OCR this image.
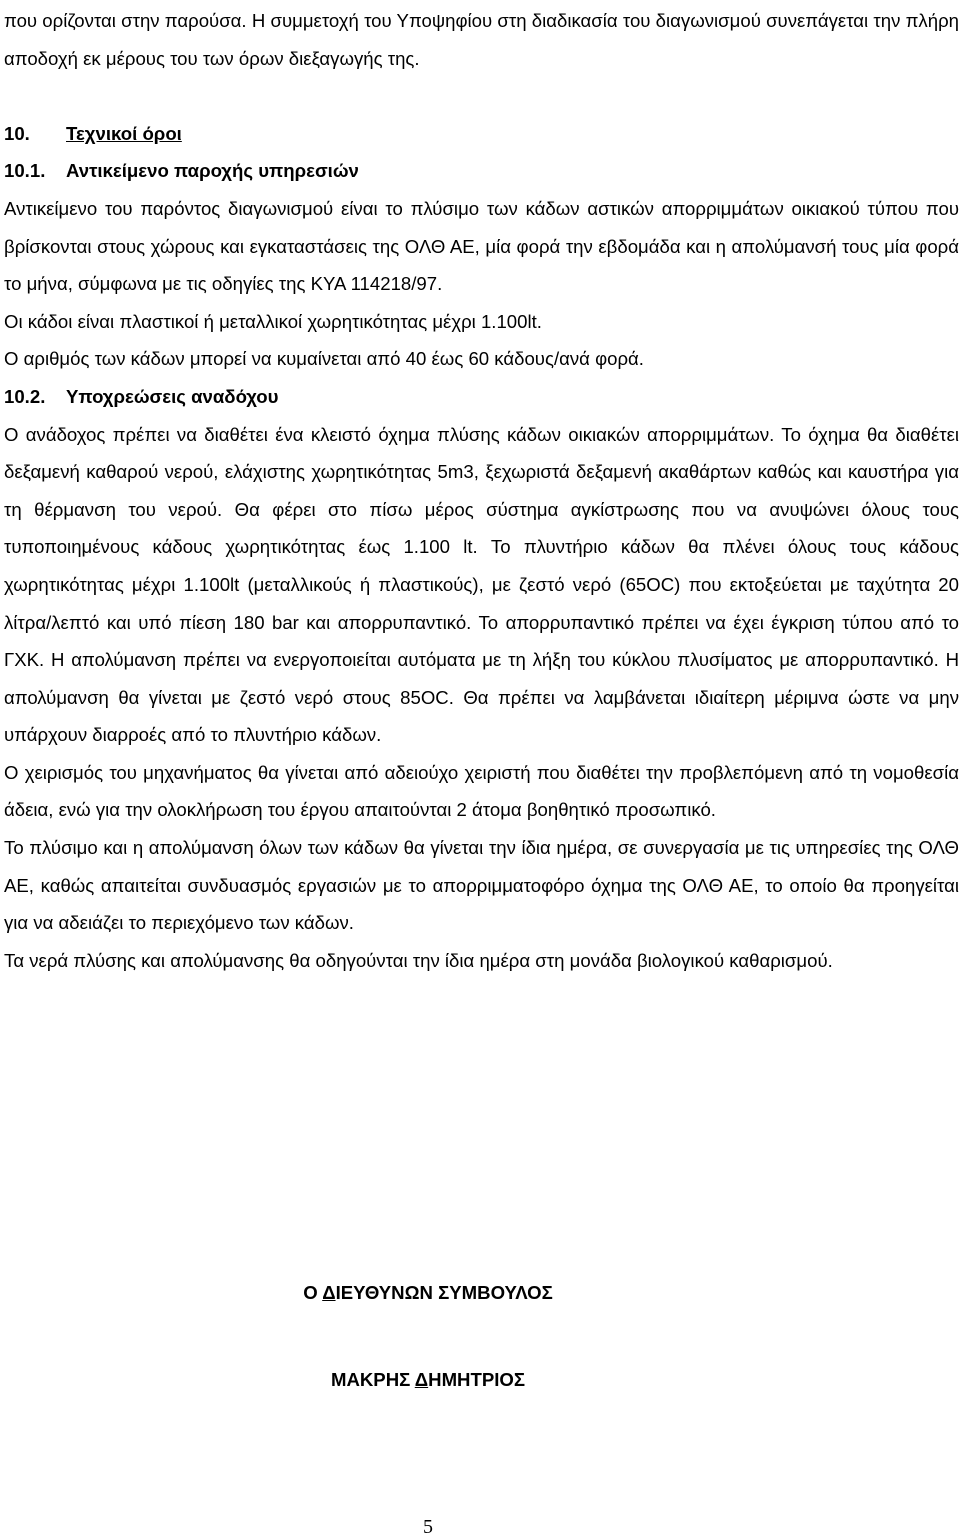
που ορίζονται στην παρούσα. Η συμμετοχή του Υποψηφίου στη διαδικασία του διαγωνισμού συνεπάγεται την πλήρη αποδοχή εκ μέρους του των όρων διεξαγωγής της.

10. Τεχνικοί όροι

10.1. Αντικείμενο παροχής υπηρεσιών

Αντικείμενο του παρόντος διαγωνισμού είναι το πλύσιμο των κάδων αστικών απορριμμάτων οικιακού τύπου που βρίσκονται στους χώρους και εγκαταστάσεις της ΟΛΘ ΑΕ, μία φορά την εβδομάδα και η απολύμανσή τους μία φορά το μήνα, σύμφωνα με τις οδηγίες της ΚΥΑ 114218/97.

Οι κάδοι είναι πλαστικοί ή μεταλλικοί χωρητικότητας μέχρι 1.100lt.

Ο αριθμός των κάδων μπορεί να κυμαίνεται από 40 έως 60 κάδους/ανά φορά.

10.2. Υποχρεώσεις αναδόχου

Ο ανάδοχος πρέπει να διαθέτει ένα κλειστό όχημα πλύσης κάδων οικιακών απορριμμάτων. Το όχημα θα διαθέτει δεξαμενή καθαρού νερού, ελάχιστης χωρητικότητας 5m3, ξεχωριστά δεξαμενή ακαθάρτων καθώς και καυστήρα για τη θέρμανση του νερού. Θα φέρει στο πίσω μέρος σύστημα αγκίστρωσης που να ανυψώνει όλους τους τυποποιημένους κάδους χωρητικότητας έως 1.100 lt. Το πλυντήριο κάδων θα πλένει όλους τους κάδους χωρητικότητας μέχρι 1.100lt (μεταλλικούς ή πλαστικούς), με ζεστό νερό (65OC) που εκτοξεύεται με ταχύτητα 20 λίτρα/λεπτό και υπό πίεση 180 bar και απορρυπαντικό. Το απορρυπαντικό πρέπει να έχει έγκριση τύπου από το ΓΧΚ. Η απολύμανση πρέπει να ενεργοποιείται αυτόματα με τη λήξη του κύκλου πλυσίματος με απορρυπαντικό. Η απολύμανση θα γίνεται με ζεστό νερό στους 85OC. Θα πρέπει να λαμβάνεται ιδιαίτερη μέριμνα ώστε να μην υπάρχουν διαρροές από το πλυντήριο κάδων.

Ο χειρισμός του μηχανήματος θα γίνεται από αδειούχο χειριστή που διαθέτει την προβλεπόμενη από τη νομοθεσία άδεια, ενώ για την ολοκλήρωση του έργου απαιτούνται 2 άτομα βοηθητικό προσωπικό.

Το πλύσιμο και η απολύμανση όλων των κάδων θα γίνεται την ίδια ημέρα, σε συνεργασία με τις υπηρεσίες της ΟΛΘ ΑΕ, καθώς απαιτείται συνδυασμός εργασιών με το απορριμματοφόρο όχημα της ΟΛΘ ΑΕ, το οποίο θα προηγείται για να αδειάζει το περιεχόμενο των κάδων.

Τα νερά πλύσης και απολύμανσης θα οδηγούνται την ίδια ημέρα στη μονάδα βιολογικού καθαρισμού.

Ο ΔΙΕΥΘΥΝΩΝ ΣΥΜΒΟΥΛΟΣ
ΜΑΚΡΗΣ ΔΗΜΗΤΡΙΟΣ
5
